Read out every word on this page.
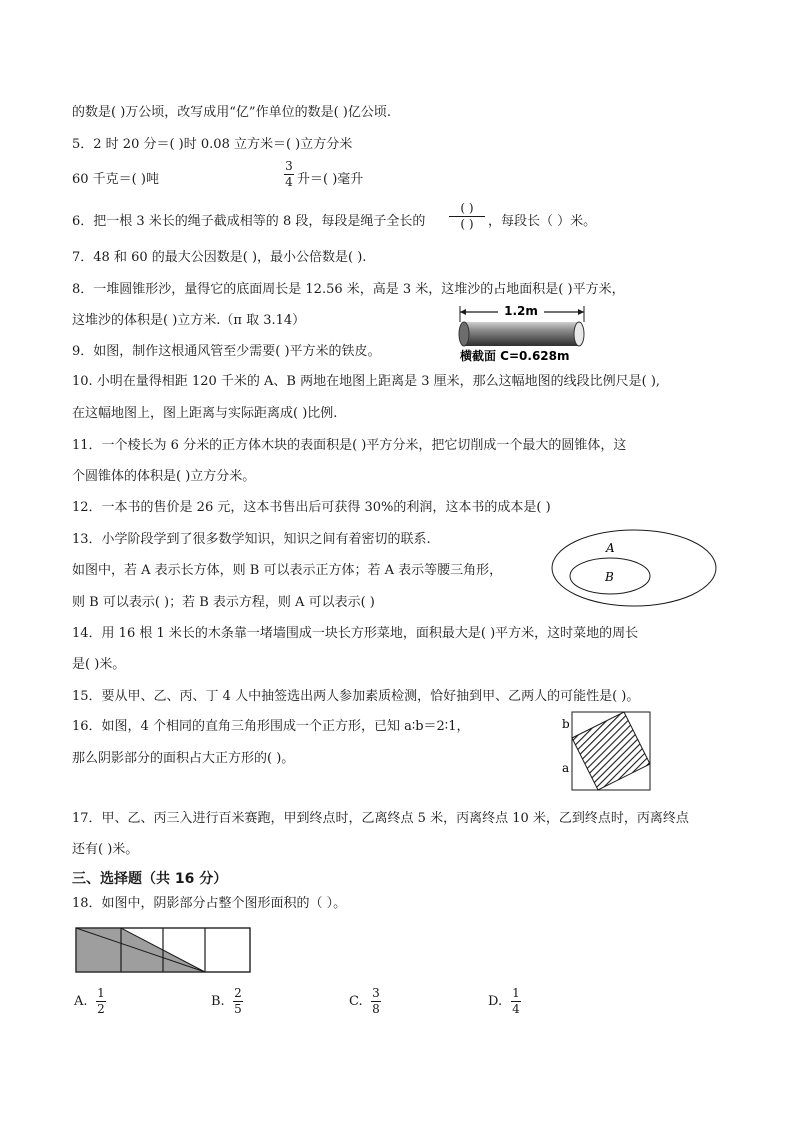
的数是( )万公顷，改写成用“亿”作单位的数是( )亿公顷.
5．2 时 20 分＝( )时 0.08 立方米＝( )立方分米
60 千克＝( )吨
3
4 升＝( )毫升
6．把一根 3 米长的绳子截成相等的 8 段，每段是绳子全长的
( )
( )	，每段长（ ）米。
7．48 和 60 的最大公因数是( )，最小公倍数是( ).
8．一堆圆锥形沙，量得它的底面周长是 12.56 米，高是 3 米，这堆沙的占地面积是( )平方米，
这堆沙的体积是( )立方米.（π 取 3.14）
9．如图，制作这根通风管至少需要( )平方米的铁皮。
1.2m
横截面 C=0.628m
10. 小明在量得相距 120 千米的 A、B 两地在地图上距离是 3 厘米，那么这幅地图的线段比例尺是( ),
在这幅地图上，图上距离与实际距离成( )比例.
11．一个棱长为 6 分米的正方体木块的表面积是( )平方分米，把它切削成一个最大的圆锥体，这
个圆锥体的体积是( )立方分米。
12．一本书的售价是 26 元，这本书售出后可获得 30%的利润，这本书的成本是( )
13．小学阶段学到了很多数学知识，知识之间有着密切的联系.
如图中，若 A 表示长方体，则 B 可以表示正方体；若 A 表示等腰三角形，
则 B 可以表示( )；若 B 表示方程，则 A 可以表示( )
A
B
14．用 16 根 1 米长的木条靠一堵墙围成一块长方形菜地，面积最大是( )平方米，这时菜地的周长
是( )米。
15．要从甲、乙、丙、丁 4 人中抽签选出两人参加素质检测，恰好抽到甲、乙两人的可能性是( )。
16．如图，4 个相同的直角三角形围成一个正方形，已知 a∶b＝2∶1，
那么阴影部分的面积占大正方形的( )。
b
a
17．甲、乙、丙三入进行百米赛跑，甲到终点时，乙离终点 5 米，丙离终点 10 米，乙到终点时，丙离终点
还有( )米。
三、选择题（共 16 分）
18．如图中，阴影部分占整个图形面积的（ ）。
A.
1
2	B.
2
5	C.
3
8	D.
1
4
